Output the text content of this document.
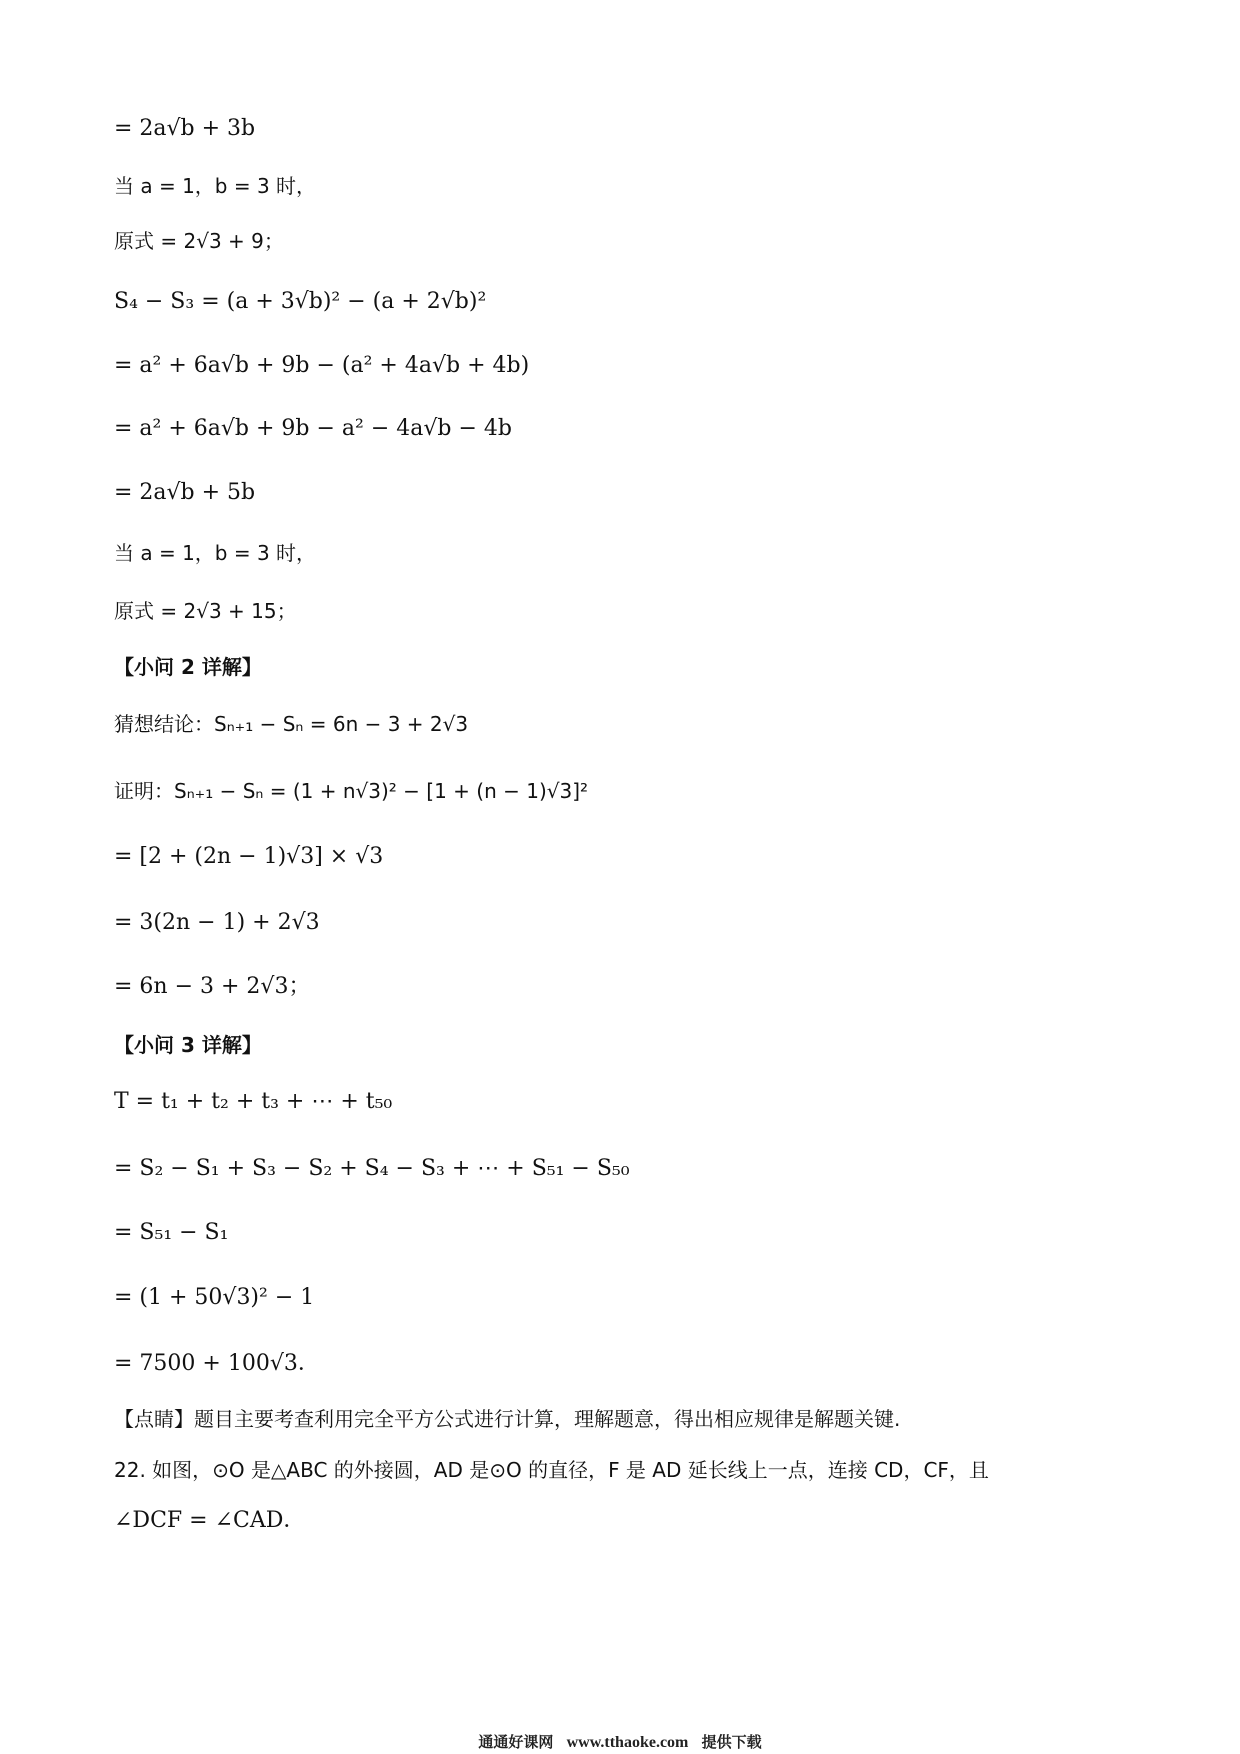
= 2a√b + 3b
当 a = 1，b = 3 时，
原式 = 2√3 + 9；
S₄ − S₃ = (a + 3√b)² − (a + 2√b)²
= a² + 6a√b + 9b − (a² + 4a√b + 4b)
= a² + 6a√b + 9b − a² − 4a√b − 4b
= 2a√b + 5b
当 a = 1，b = 3 时，
原式 = 2√3 + 15；
【小问 2 详解】
猜想结论：Sₙ₊₁ − Sₙ = 6n − 3 + 2√3
证明：Sₙ₊₁ − Sₙ = (1 + n√3)² − [1 + (n − 1)√3]²
= [2 + (2n − 1)√3] × √3
= 3(2n − 1) + 2√3
= 6n − 3 + 2√3；
【小问 3 详解】
T = t₁ + t₂ + t₃ + ⋯ + t₅₀
= S₂ − S₁ + S₃ − S₂ + S₄ − S₃ + ⋯ + S₅₁ − S₅₀
= S₅₁ − S₁
= (1 + 50√3)² − 1
= 7500 + 100√3．
【点睛】题目主要考查利用完全平方公式进行计算，理解题意，得出相应规律是解题关键.
22. 如图，⊙O 是△ABC 的外接圆，AD 是⊙O 的直径，F 是 AD 延长线上一点，连接 CD，CF，且
∠DCF = ∠CAD．
通通好课网 www.tthaoke.com 提供下载
